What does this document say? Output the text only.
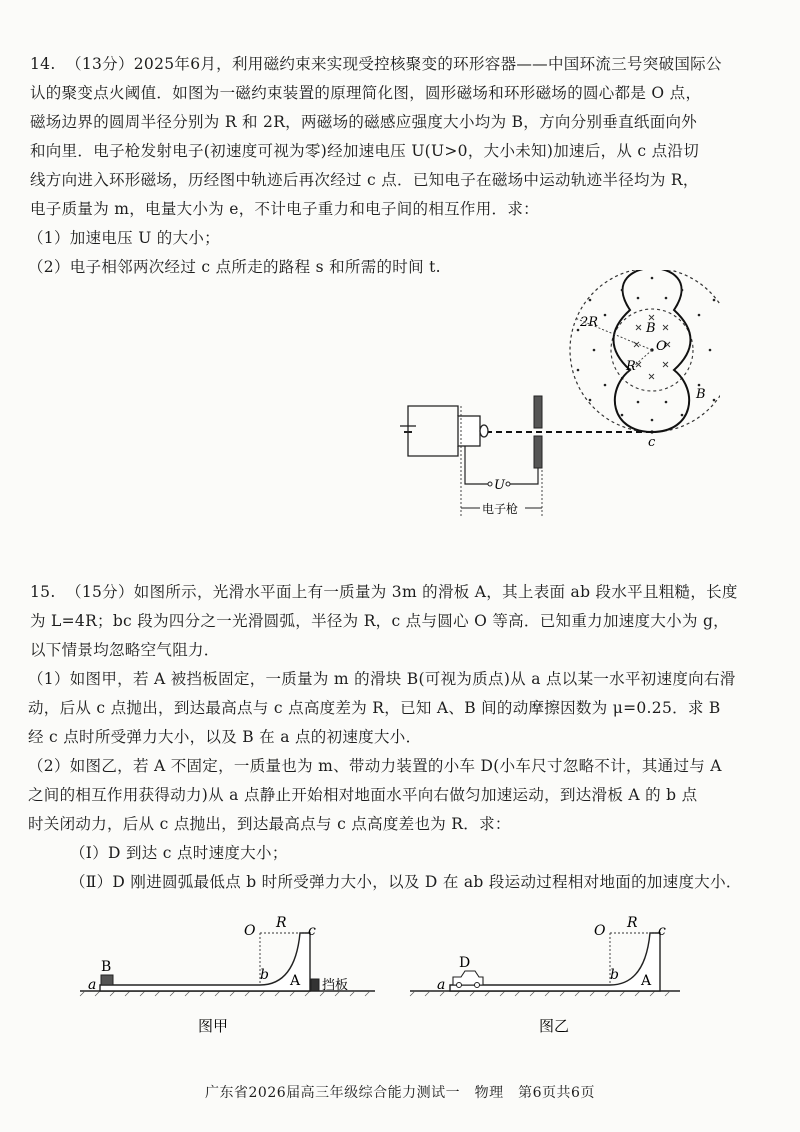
14. （13分）2025年6月，利用磁约束来实现受控核聚变的环形容器——中国环流三号突破国际公

认的聚变点火阈值．如图为一磁约束装置的原理简化图，圆形磁场和环形磁场的圆心都是 O 点，

磁场边界的圆周半径分别为 R 和 2R，两磁场的磁感应强度大小均为 B，方向分别垂直纸面向外

和向里．电子枪发射电子(初速度可视为零)经加速电压 U(U>0，大小未知)加速后，从 c 点沿切

线方向进入环形磁场，历经图中轨迹后再次经过 c 点．已知电子在磁场中运动轨迹半径均为 R，

电子质量为 m，电量大小为 e，不计电子重力和电子间的相互作用．求：

（1）加速电压 U 的大小；

（2）电子相邻两次经过 c 点所走的路程 s 和所需的时间 t.

2R
R
B
O
B
c
U
电子枪

15. （15分）如图所示，光滑水平面上有一质量为 3m 的滑板 A，其上表面 ab 段水平且粗糙，长度

为 L=4R；bc 段为四分之一光滑圆弧，半径为 R，c 点与圆心 O 等高．已知重力加速度大小为 g，

以下情景均忽略空气阻力．

（1）如图甲，若 A 被挡板固定，一质量为 m 的滑块 B(可视为质点)从 a 点以某一水平初速度向右滑

动，后从 c 点抛出，到达最高点与 c 点高度差为 R，已知 A、B 间的动摩擦因数为 μ=0.25．求 B

经 c 点时所受弹力大小，以及 B 在 a 点的初速度大小．

（2）如图乙，若 A 不固定，一质量也为 m、带动力装置的小车 D(小车尺寸忽略不计，其通过与 A

之间的相互作用获得动力)从 a 点静止开始相对地面水平向右做匀加速运动，到达滑板 A 的 b 点

时关闭动力，后从 c 点抛出，到达最高点与 c 点高度差也为 R．求：

（Ⅰ）D 到达 c 点时速度大小；

（Ⅱ）D 刚进圆弧最低点 b 时所受弹力大小，以及 D 在 ab 段运动过程相对地面的加速度大小．

O R c
B
a
b A 挡板
图甲
O R c
D
a
b A
图乙
广东省2026届高三年级综合能力测试一　物理　第6页共6页
